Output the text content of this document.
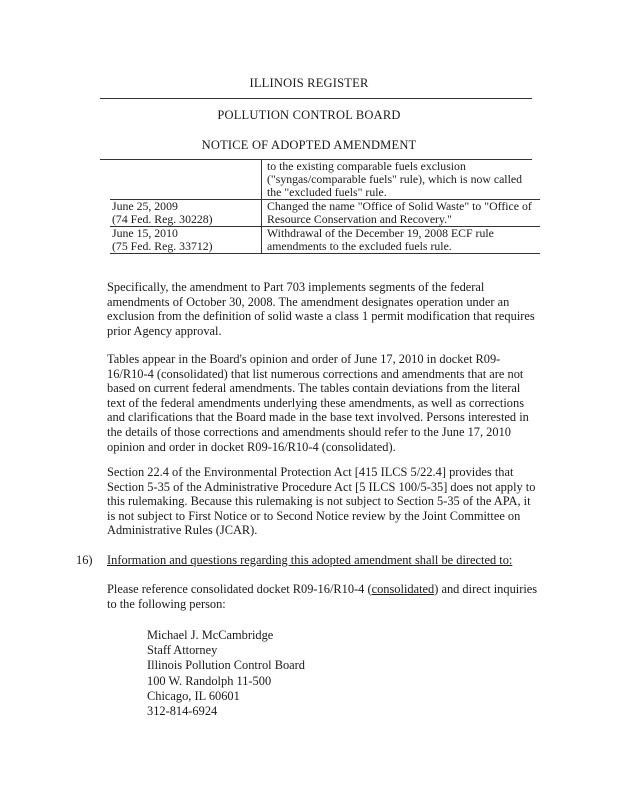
ILLINOIS REGISTER
POLLUTION CONTROL BOARD
NOTICE OF ADOPTED AMENDMENT
	to the existing comparable fuels exclusion ("syngas/comparable fuels" rule), which is now called the "excluded fuels" rule.

June 25, 2009
(74 Fed. Reg. 30228)	Changed the name "Office of Solid Waste" to "Office of Resource Conservation and Recovery."

June 15, 2010
(75 Fed. Reg. 33712)	Withdrawal of the December 19, 2008 ECF rule amendments to the excluded fuels rule.
Specifically, the amendment to Part 703 implements segments of the federal amendments of October 30, 2008. The amendment designates operation under an exclusion from the definition of solid waste a class 1 permit modification that requires prior Agency approval.
Tables appear in the Board's opinion and order of June 17, 2010 in docket R09-16/R10-4 (consolidated) that list numerous corrections and amendments that are not based on current federal amendments. The tables contain deviations from the literal text of the federal amendments underlying these amendments, as well as corrections and clarifications that the Board made in the base text involved. Persons interested in the details of those corrections and amendments should refer to the June 17, 2010 opinion and order in docket R09-16/R10-4 (consolidated).
Section 22.4 of the Environmental Protection Act [415 ILCS 5/22.4] provides that Section 5-35 of the Administrative Procedure Act [5 ILCS 100/5-35] does not apply to this rulemaking. Because this rulemaking is not subject to Section 5-35 of the APA, it is not subject to First Notice or to Second Notice review by the Joint Committee on Administrative Rules (JCAR).
16) Information and questions regarding this adopted amendment shall be directed to:
Please reference consolidated docket R09-16/R10-4 (consolidated) and direct inquiries to the following person:
Michael J. McCambridge
Staff Attorney
Illinois Pollution Control Board
100 W. Randolph 11-500
Chicago, IL 60601
312-814-6924
